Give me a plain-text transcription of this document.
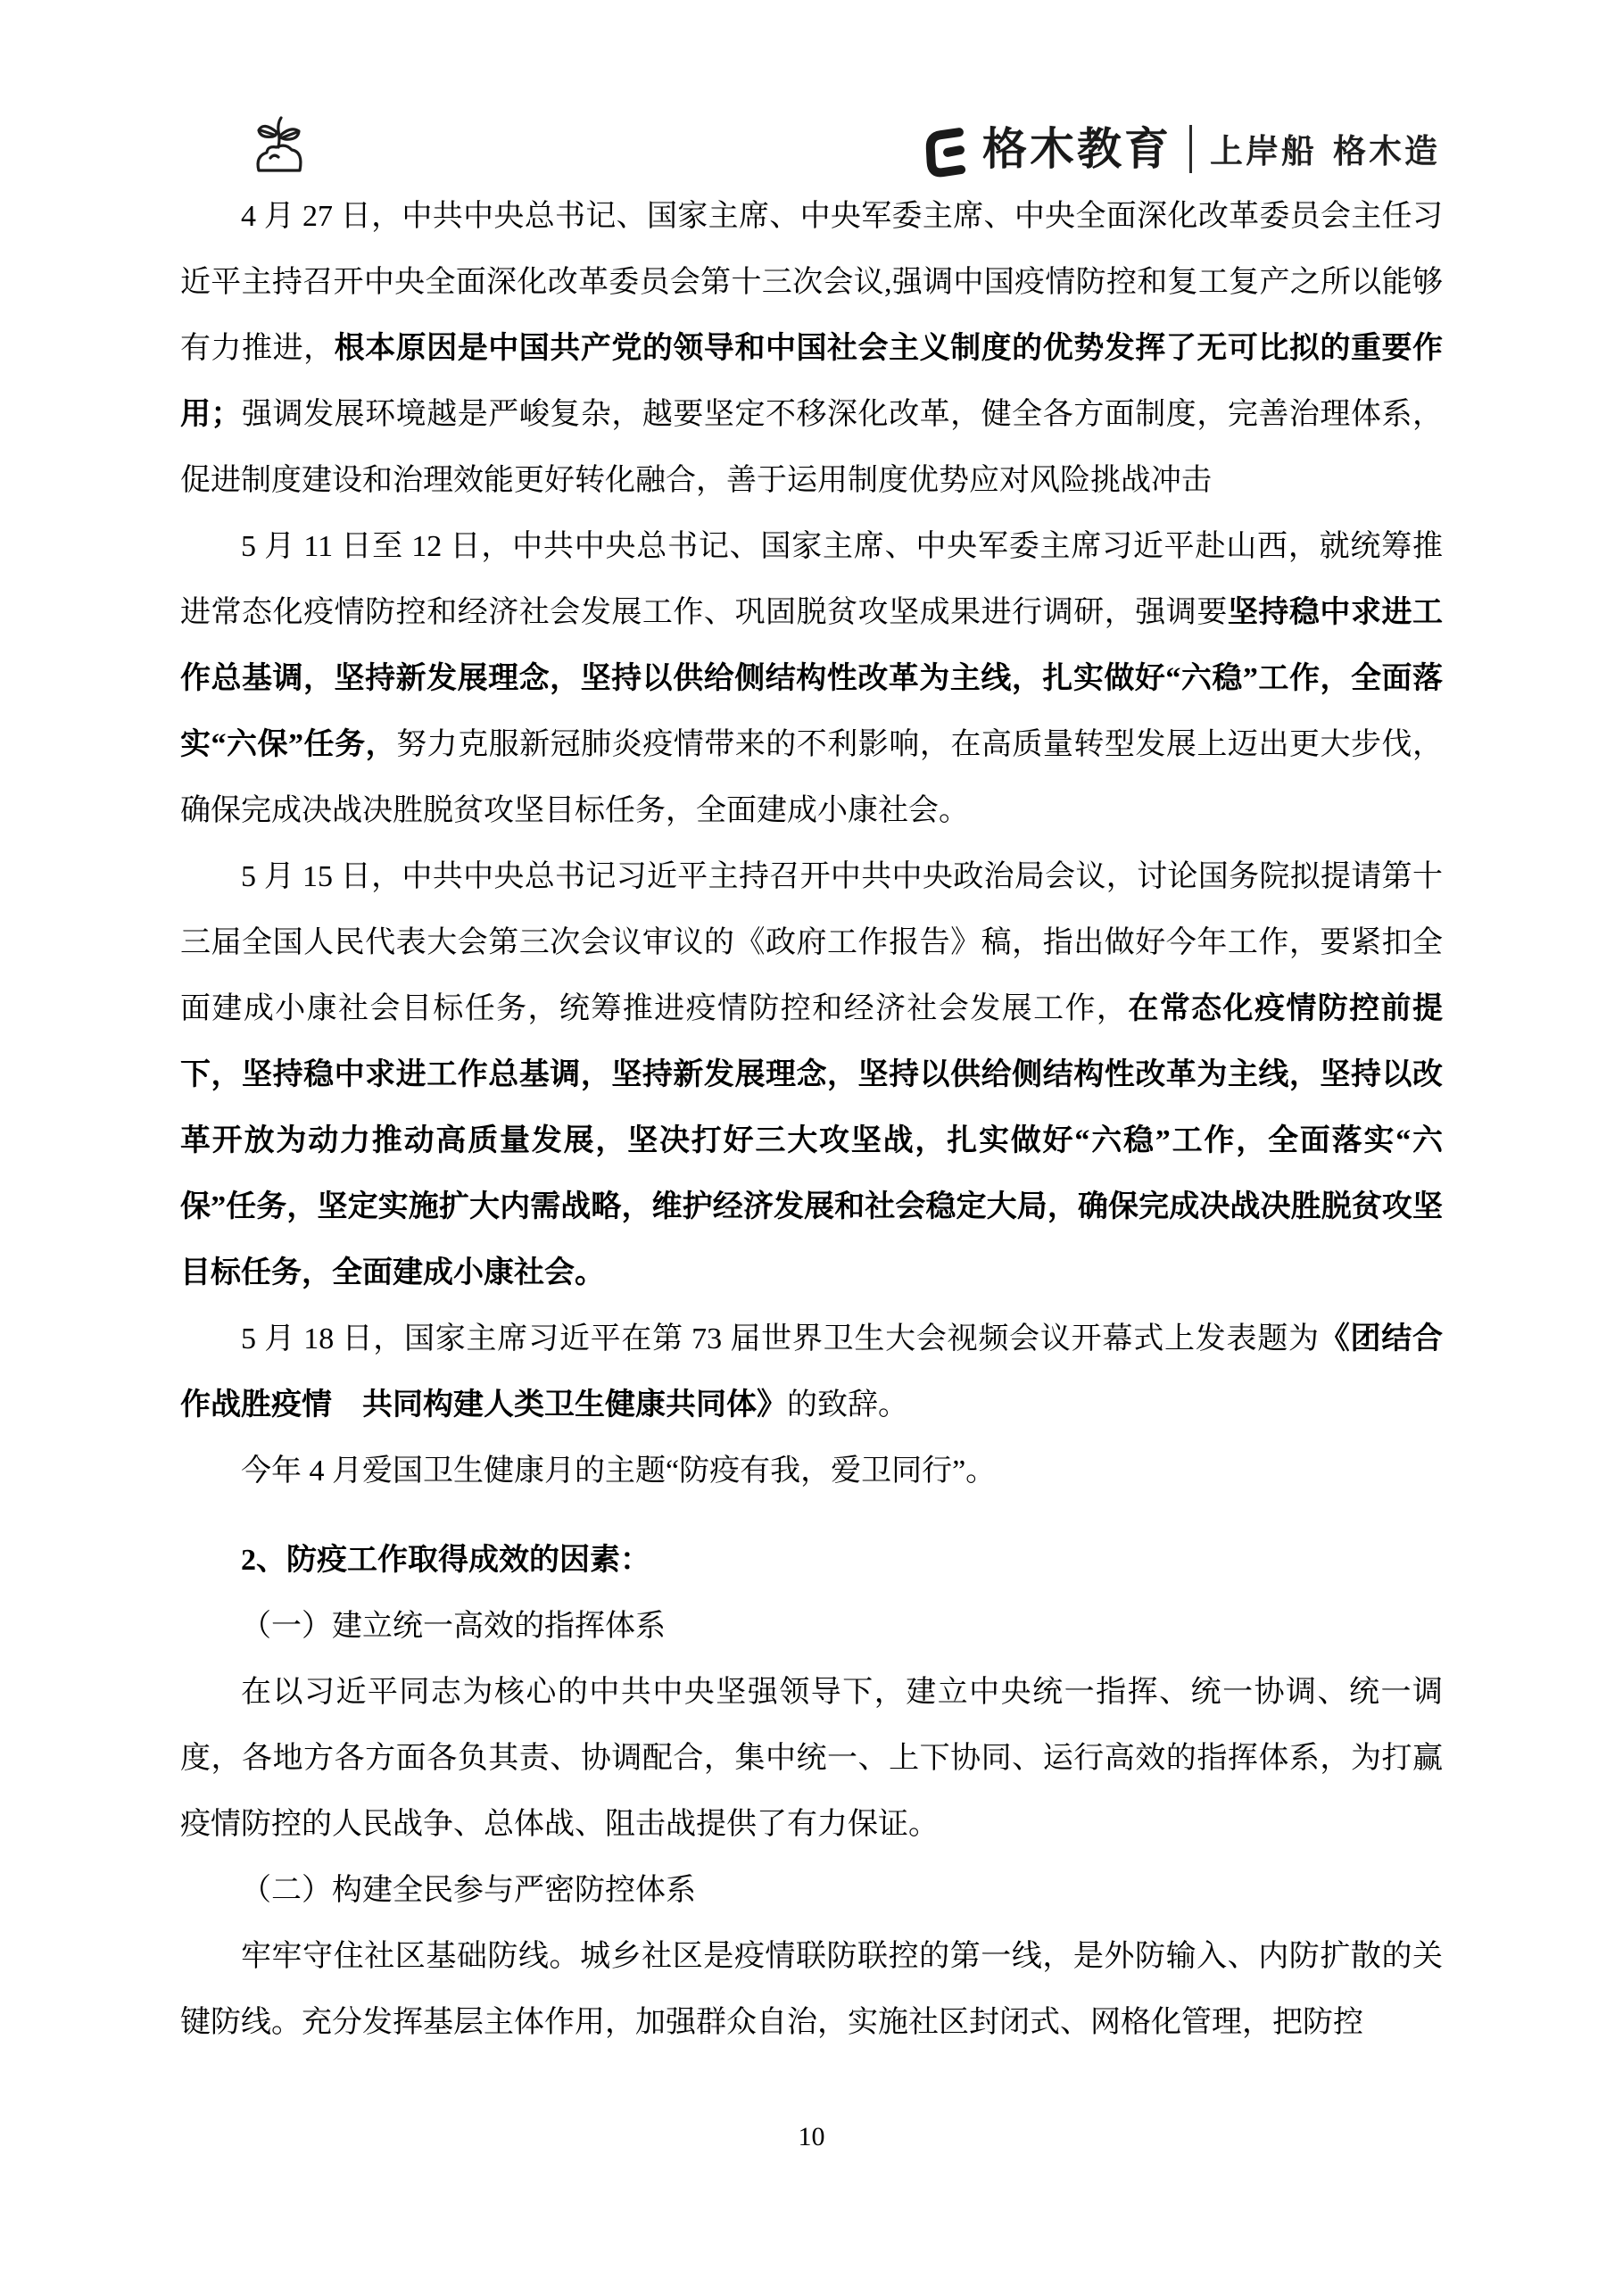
格木教育 上岸船 格木造

4 月 27 日，中共中央总书记、国家主席、中央军委主席、中央全面深化改革委员会主任习近平主持召开中央全面深化改革委员会第十三次会议,强调中国疫情防控和复工复产之所以能够有力推进，根本原因是中国共产党的领导和中国社会主义制度的优势发挥了无可比拟的重要作用；强调发展环境越是严峻复杂，越要坚定不移深化改革，健全各方面制度，完善治理体系，促进制度建设和治理效能更好转化融合，善于运用制度优势应对风险挑战冲击

5 月 11 日至 12 日，中共中央总书记、国家主席、中央军委主席习近平赴山西，就统筹推进常态化疫情防控和经济社会发展工作、巩固脱贫攻坚成果进行调研，强调要坚持稳中求进工作总基调，坚持新发展理念，坚持以供给侧结构性改革为主线，扎实做好“六稳”工作，全面落实“六保”任务，努力克服新冠肺炎疫情带来的不利影响，在高质量转型发展上迈出更大步伐，确保完成决战决胜脱贫攻坚目标任务，全面建成小康社会。

5 月 15 日，中共中央总书记习近平主持召开中共中央政治局会议，讨论国务院拟提请第十三届全国人民代表大会第三次会议审议的《政府工作报告》稿，指出做好今年工作，要紧扣全面建成小康社会目标任务，统筹推进疫情防控和经济社会发展工作，在常态化疫情防控前提下，坚持稳中求进工作总基调，坚持新发展理念，坚持以供给侧结构性改革为主线，坚持以改革开放为动力推动高质量发展，坚决打好三大攻坚战，扎实做好“六稳”工作，全面落实“六保”任务，坚定实施扩大内需战略，维护经济发展和社会稳定大局，确保完成决战决胜脱贫攻坚目标任务，全面建成小康社会。

5 月 18 日，国家主席习近平在第 73 届世界卫生大会视频会议开幕式上发表题为《团结合作战胜疫情　共同构建人类卫生健康共同体》的致辞。

今年 4 月爱国卫生健康月的主题“防疫有我，爱卫同行”。

2、防疫工作取得成效的因素：

（一）建立统一高效的指挥体系

在以习近平同志为核心的中共中央坚强领导下，建立中央统一指挥、统一协调、统一调度，各地方各方面各负其责、协调配合，集中统一、上下协同、运行高效的指挥体系，为打赢疫情防控的人民战争、总体战、阻击战提供了有力保证。

（二）构建全民参与严密防控体系

牢牢守住社区基础防线。城乡社区是疫情联防联控的第一线，是外防输入、内防扩散的关键防线。充分发挥基层主体作用，加强群众自治，实施社区封闭式、网格化管理，把防控

10
